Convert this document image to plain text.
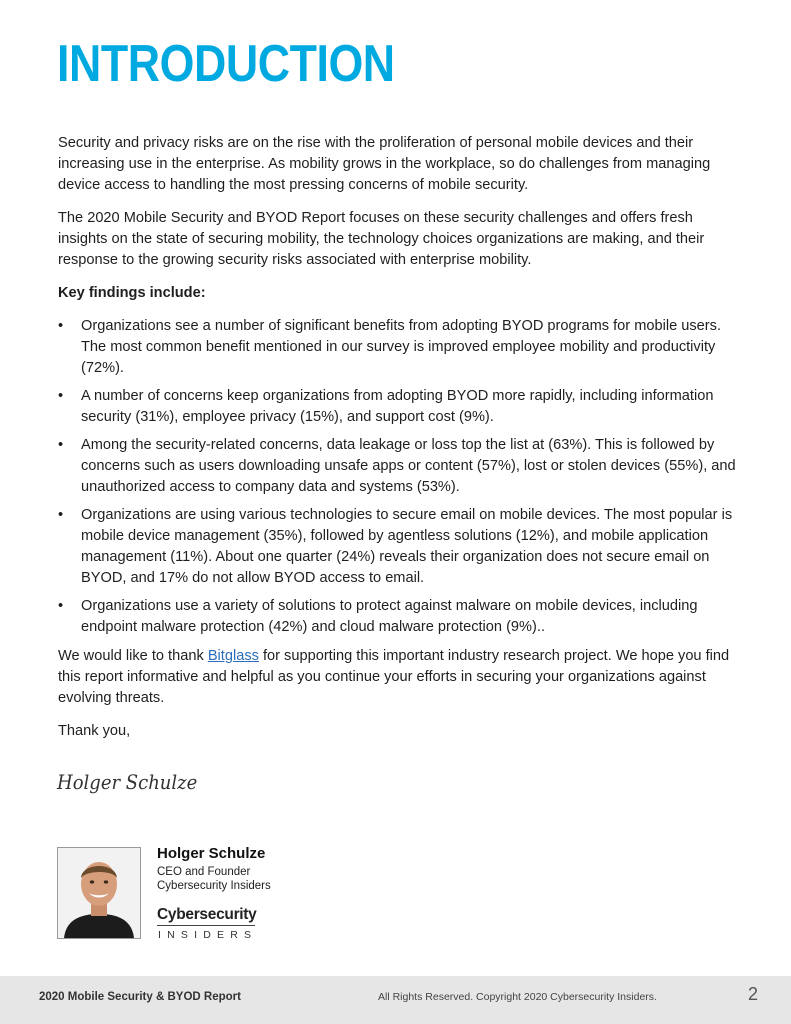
INTRODUCTION

Security and privacy risks are on the rise with the proliferation of personal mobile devices and their increasing use in the enterprise. As mobility grows in the workplace, so do challenges from managing device access to handling the most pressing concerns of mobile security.

The 2020 Mobile Security and BYOD Report focuses on these security challenges and offers fresh insights on the state of securing mobility, the technology choices organizations are making, and their response to the growing security risks associated with enterprise mobility.

Key findings include:

• Organizations see a number of significant benefits from adopting BYOD programs for mobile users. The most common benefit mentioned in our survey is improved employee mobility and productivity (72%).
• A number of concerns keep organizations from adopting BYOD more rapidly, including information security (31%), employee privacy (15%), and support cost (9%).
• Among the security-related concerns, data leakage or loss top the list at (63%). This is followed by concerns such as users downloading unsafe apps or content (57%), lost or stolen devices (55%), and unauthorized access to company data and systems (53%).
• Organizations are using various technologies to secure email on mobile devices. The most popular is mobile device management (35%), followed by agentless solutions (12%), and mobile application management (11%). About one quarter (24%) reveals their organization does not secure email on BYOD, and 17% do not allow BYOD access to email.
• Organizations use a variety of solutions to protect against malware on mobile devices, including endpoint malware protection (42%) and cloud malware protection (9%)..

We would like to thank Bitglass for supporting this important industry research project. We hope you find this report informative and helpful as you continue your efforts in securing your organizations against evolving threats.

Thank you,

Holger Schulze
Holger Schulze
CEO and Founder
Cybersecurity Insiders
Cybersecurity
INSIDERS
2020 Mobile Security & BYOD Report	All Rights Reserved. Copyright 2020 Cybersecurity Insiders.	2
